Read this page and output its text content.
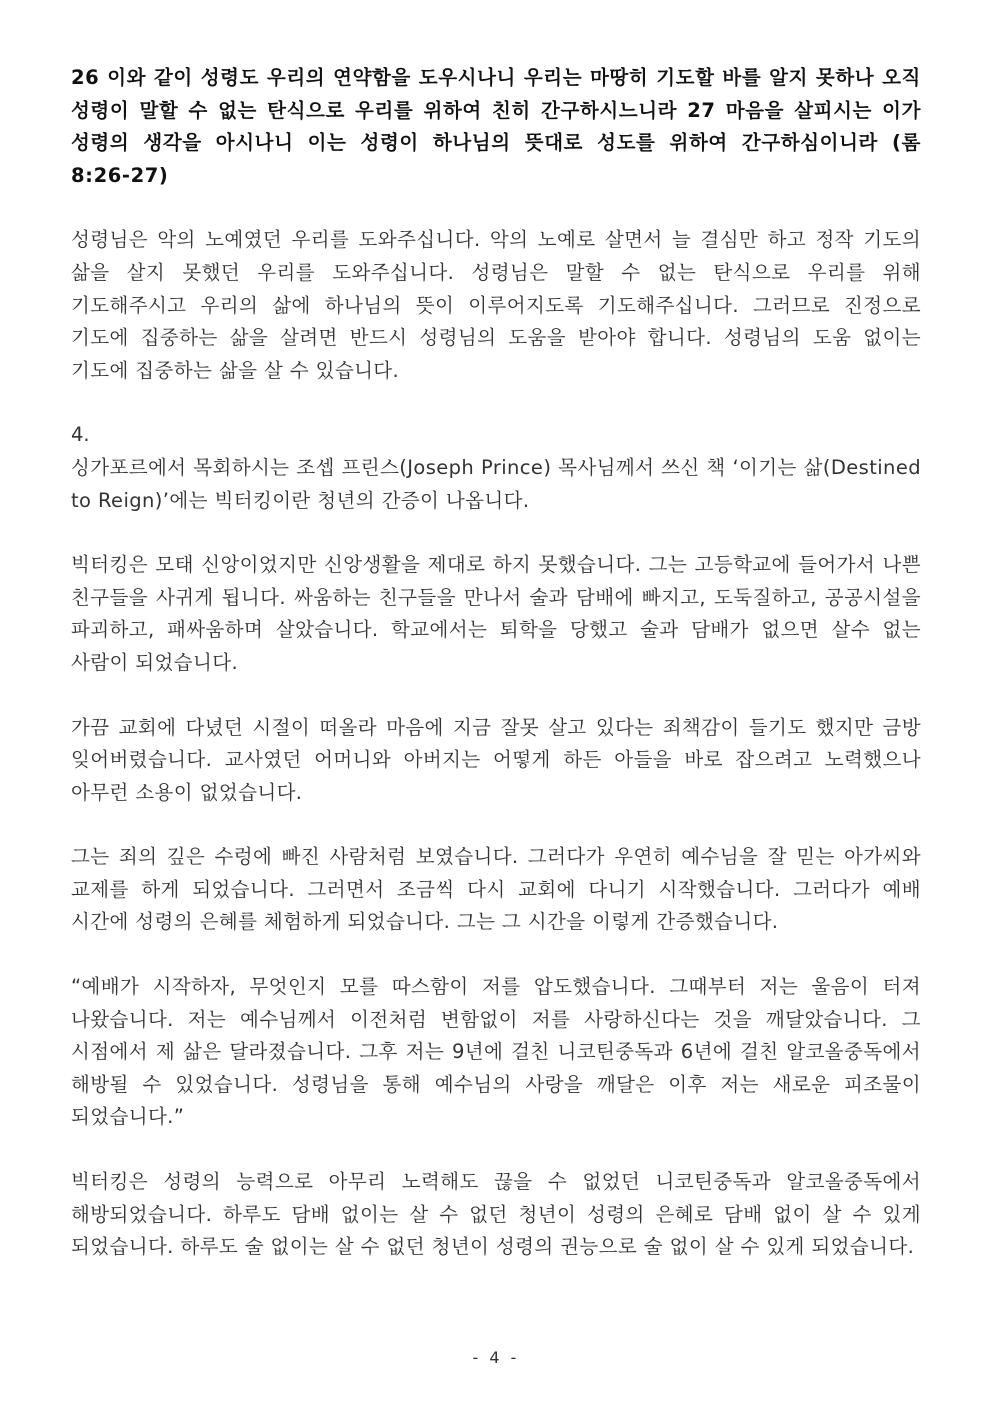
26 이와 같이 성령도 우리의 연약함을 도우시나니 우리는 마땅히 기도할 바를 알지 못하나 오직 성령이 말할 수 없는 탄식으로 우리를 위하여 친히 간구하시느니라 27 마음을 살피시는 이가 성령의 생각을 아시나니 이는 성령이 하나님의 뜻대로 성도를 위하여 간구하심이니라 (롬 8:26-27)

성령님은 악의 노예였던 우리를 도와주십니다. 악의 노예로 살면서 늘 결심만 하고 정작 기도의 삶을 살지 못했던 우리를 도와주십니다. 성령님은 말할 수 없는 탄식으로 우리를 위해 기도해주시고 우리의 삶에 하나님의 뜻이 이루어지도록 기도해주십니다. 그러므로 진정으로 기도에 집중하는 삶을 살려면 반드시 성령님의 도움을 받아야 합니다. 성령님의 도움 없이는 기도에 집중하는 삶을 살 수 있습니다.

4.

싱가포르에서 목회하시는 조셉 프린스(Joseph Prince) 목사님께서 쓰신 책 ‘이기는 삶(Destined to Reign)’에는 빅터킹이란 청년의 간증이 나옵니다.

빅터킹은 모태 신앙이었지만 신앙생활을 제대로 하지 못했습니다. 그는 고등학교에 들어가서 나쁜 친구들을 사귀게 됩니다. 싸움하는 친구들을 만나서 술과 담배에 빠지고, 도둑질하고, 공공시설을 파괴하고, 패싸움하며 살았습니다. 학교에서는 퇴학을 당했고 술과 담배가 없으면 살수 없는 사람이 되었습니다.

가끔 교회에 다녔던 시절이 떠올라 마음에 지금 잘못 살고 있다는 죄책감이 들기도 했지만 금방 잊어버렸습니다. 교사였던 어머니와 아버지는 어떻게 하든 아들을 바로 잡으려고 노력했으나 아무런 소용이 없었습니다.

그는 죄의 깊은 수렁에 빠진 사람처럼 보였습니다. 그러다가 우연히 예수님을 잘 믿는 아가씨와 교제를 하게 되었습니다. 그러면서 조금씩 다시 교회에 다니기 시작했습니다. 그러다가 예배 시간에 성령의 은혜를 체험하게 되었습니다. 그는 그 시간을 이렇게 간증했습니다.

“예배가 시작하자, 무엇인지 모를 따스함이 저를 압도했습니다. 그때부터 저는 울음이 터져 나왔습니다. 저는 예수님께서 이전처럼 변함없이 저를 사랑하신다는 것을 깨달았습니다. 그 시점에서 제 삶은 달라졌습니다. 그후 저는 9년에 걸친 니코틴중독과 6년에 걸친 알코올중독에서 해방될 수 있었습니다. 성령님을 통해 예수님의 사랑을 깨달은 이후 저는 새로운 피조물이 되었습니다.”

빅터킹은 성령의 능력으로 아무리 노력해도 끊을 수 없었던 니코틴중독과 알코올중독에서 해방되었습니다. 하루도 담배 없이는 살 수 없던 청년이 성령의 은혜로 담배 없이 살 수 있게 되었습니다. 하루도 술 없이는 살 수 없던 청년이 성령의 권능으로 술 없이 살 수 있게 되었습니다.

- 4 -
